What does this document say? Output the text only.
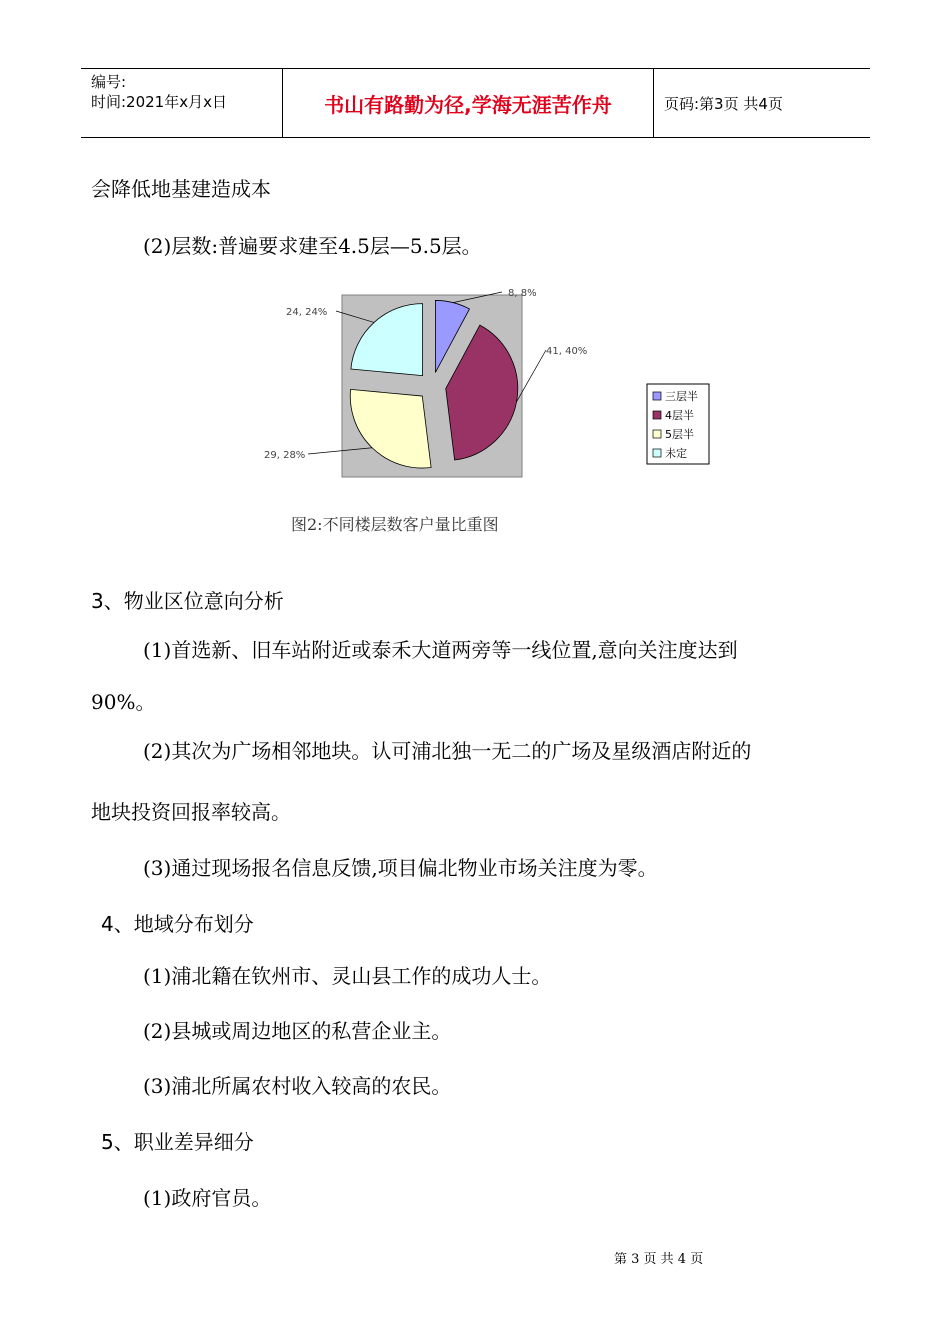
编号:
时间:2021年x月x日	书山有路勤为径,学海无涯苦作舟	页码:第3页 共4页
会降低地基建造成本
(2)层数:普遍要求建至4.5层—5.5层。
8, 8%
41, 40%
29, 28%
24, 24%
三层半
4层半
5层半
未定
图2:不同楼层数客户量比重图
3、物业区位意向分析
(1)首选新、旧车站附近或泰禾大道两旁等一线位置,意向关注度达到
90%。
(2)其次为广场相邻地块。认可浦北独一无二的广场及星级酒店附近的
地块投资回报率较高。
(3)通过现场报名信息反馈,项目偏北物业市场关注度为零。
4、地域分布划分
(1)浦北籍在钦州市、灵山县工作的成功人士。
(2)县城或周边地区的私营企业主。
(3)浦北所属农村收入较高的农民。
5、职业差异细分
(1)政府官员。
第 3 页 共 4 页
